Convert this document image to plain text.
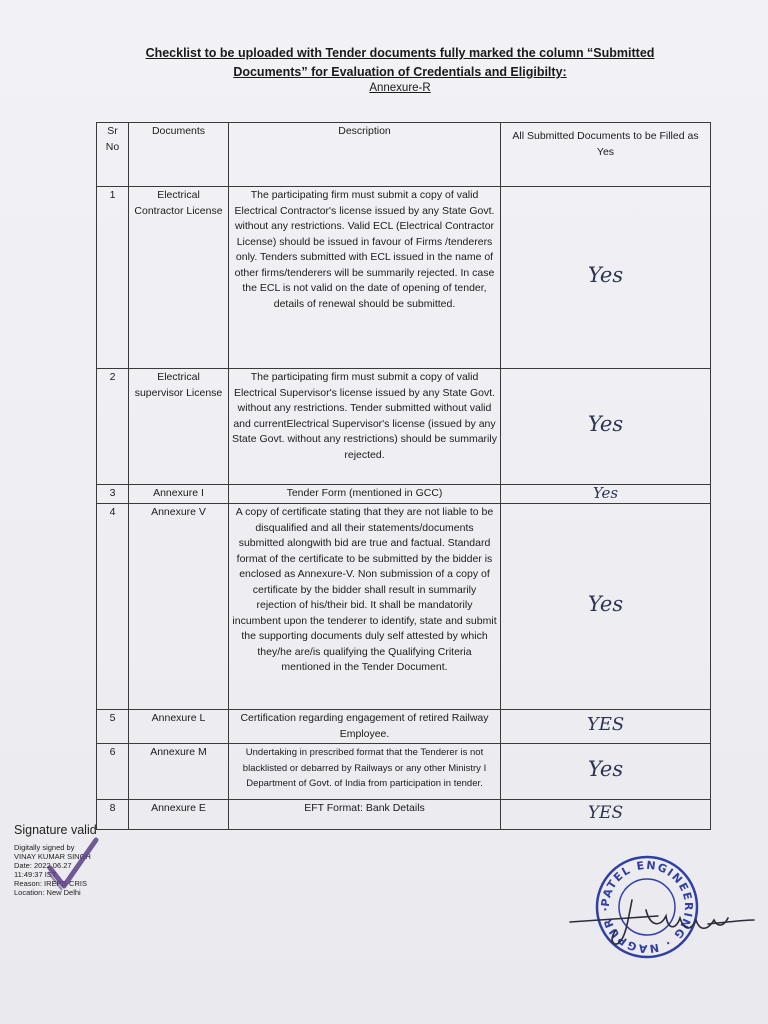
Checklist to be uploaded with Tender documents fully marked the column “Submitted
Documents” for Evaluation of Credentials and Eligibilty:
Annexure-R
Sr No	Documents	Description	All Submitted Documents to be Filled as Yes
1	Electrical Contractor License	The participating firm must submit a copy of valid Electrical Contractor's license issued by any State Govt. without any restrictions. Valid ECL (Electrical Contractor License) should be issued in favour of Firms /tenderers only. Tenders submitted with ECL issued in the name of other firms/tenderers will be summarily rejected. In case the ECL is not valid on the date of opening of tender, details of renewal should be submitted.	Yes
2	Electrical supervisor License	The participating firm must submit a copy of valid Electrical Supervisor's license issued by any State Govt. without any restrictions. Tender submitted without valid and currentElectrical Supervisor's license (issued by any State Govt. without any restrictions) should be summarily rejected.	Yes
3	Annexure I	Tender Form (mentioned in GCC)	Yes
4	Annexure V	A copy of certificate stating that they are not liable to be disqualified and all their statements/documents submitted alongwith bid are true and factual. Standard format of the certificate to be submitted by the bidder is enclosed as Annexure-V. Non submission of a copy of certificate by the bidder shall result in summarily rejection of his/their bid. It shall be mandatorily incumbent upon the tenderer to identify, state and submit the supporting documents duly self attested by which they/he are/is qualifying the Qualifying Criteria mentioned in the Tender Document.	Yes
5	Annexure L	Certification regarding engagement of retired Railway Employee.	YES
6	Annexure M	Undertaking in prescribed format that the Tenderer is not blacklisted or debarred by Railways or any other Ministry I Department of Govt. of India from participation in tender.	Yes
8	Annexure E	EFT Format: Bank Details	YES
Signature valid
Digitally signed by
VINAY KUMAR SINGH
Date: 2022.06.27
11:49:37 IST
Reason: IREPS-CRIS
Location: New Delhi
PATEL ENGINEERING · NAGPUR ·
